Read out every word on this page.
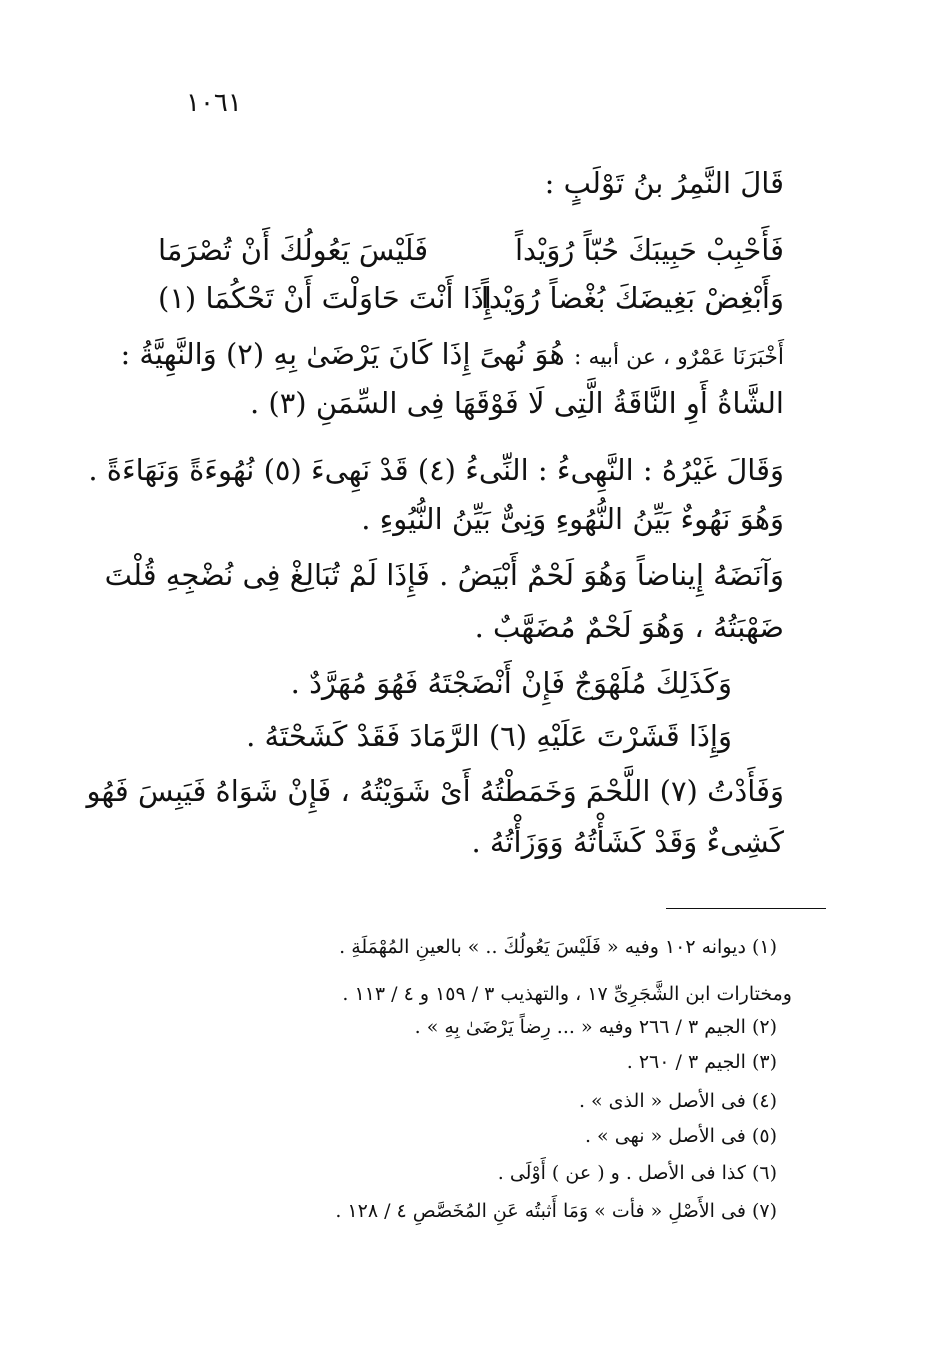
١٠٦١
قَالَ النَّمِرُ بنُ تَوْلَبٍ :
فَأَحْبِبْ حَبِيبَكَ حُبّاً رُوَيْداً
فَلَيْسَ يَعُولُكَ أَنْ تُصْرَمَا
وَأَبْغِضْ بَغِيضَكَ بُغْضاً رُوَيْداً
إِذَا أَنْتَ حَاوَلْتَ أَنْ تَحْكُمَا (١)
أَخْبَرَنَا عَمْرٌو ، عن أبيه : هُوَ نُهىً إِذَا كَانَ يَرْضَىٰ بِهِ (٢) وَالنَّهِيَّةُ :
الشَّاةُ أَوِ النَّاقَةُ الَّتِى لَا فَوْقَهَا فِى السِّمَنِ (٣) .
وَقَالَ غَيْرُهُ : النَّهِىءُ : النِّىءُ (٤) قَدْ نَهِىءَ (٥) نُهُوءَةً وَنَهَاءَةً .
وَهُوَ نَهُوءٌ بَيِّنُ النُّهُوءِ وَنِىٌّ بَيِّنُ النُّيُوءِ .
وَآنَضَهُ إِيناضاً وَهُوَ لَحْمٌ أَبْيَضُ . فَإِذَا لَمْ تُبَالِغْ فِى نُضْجِهِ قُلْتَ
ضَهْبَتُهُ ، وَهُوَ لَحْمٌ مُضَهَّبٌ .
وَكَذَلِكَ مُلَهْوَجٌ فَإِنْ أَنْضَجْتَهُ فَهُوَ مُهَرَّدٌ .
وَإِذَا قَشَرْتَ عَلَيْهِ (٦) الرَّمَادَ فَقَدْ كَشَحْتَهُ .
وَفَأَدْتُ (٧) اللَّحْمَ وَخَمَطْتُهُ أَىْ شَوَيْتُهُ ، فَإِنْ شَوَاهُ فَيَبِسَ فَهُو
كَشِىءٌ وَقَدْ كَشَأْتُهُ وَوَزَأْتُهُ .
(١) ديوانه ١٠٢ وفيه « فَلَيْسَ يَعُولُكَ .. » بالعينِ المُهْمَلَةِ .
ومختارات ابن الشَّجَرِىِّ ١٧ ، والتهذيب ٣ / ١٥٩ و ٤ / ١١٣ .
(٢) الجيم ٣ / ٢٦٦ وفيه « ... رِضاً يَرْضَىٰ بِهِ » .
(٣) الجيم ٣ / ٢٦٠ .
(٤) فى الأصل « الذى » .
(٥) فى الأصل « نهى » .
(٦) كذا فى الأصل . و ( عن ) أَوْلَى .
(٧) فى الأَصْلِ « فأت » وَمَا أَثبتُه عَنِ المُخَصَّصِ ٤ / ١٢٨ .
